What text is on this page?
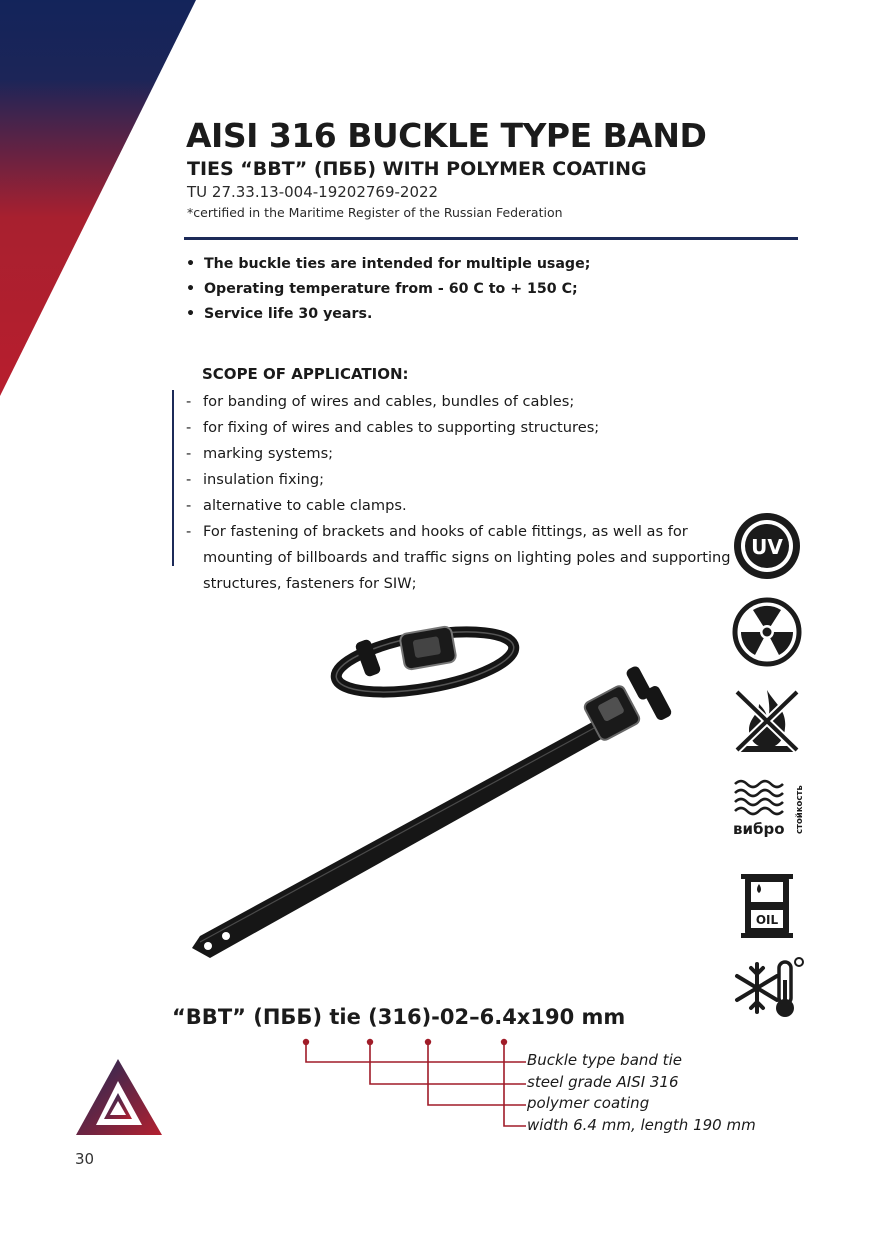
AISI 316 BUCKLE TYPE BAND
TIES “BBT” (ПББ) WITH POLYMER COATING
TU 27.33.13-004-19202769-2022
*certified in the Maritime Register of the Russian Federation
• The buckle ties are intended for multiple usage;
• Operating temperature from - 60 C to + 150 C;
• Service life 30 years.
SCOPE OF APPLICATION:
- for banding of wires and cables, bundles of cables;
- for fixing of wires and cables to supporting structures;
- marking systems;
- insulation fixing;
- alternative to cable clamps.
- For fastening of brackets and hooks of cable fittings, as well as for mounting of billboards and traffic signs on lighting poles and supporting structures, fasteners for SIW;
UV
вибро стойкость
OIL
“BBT” (ПББ) tie (316)-02–6.4x190 mm
Buckle type band tie
steel grade AISI 316
polymer coating
width 6.4 mm, length 190 mm
30
